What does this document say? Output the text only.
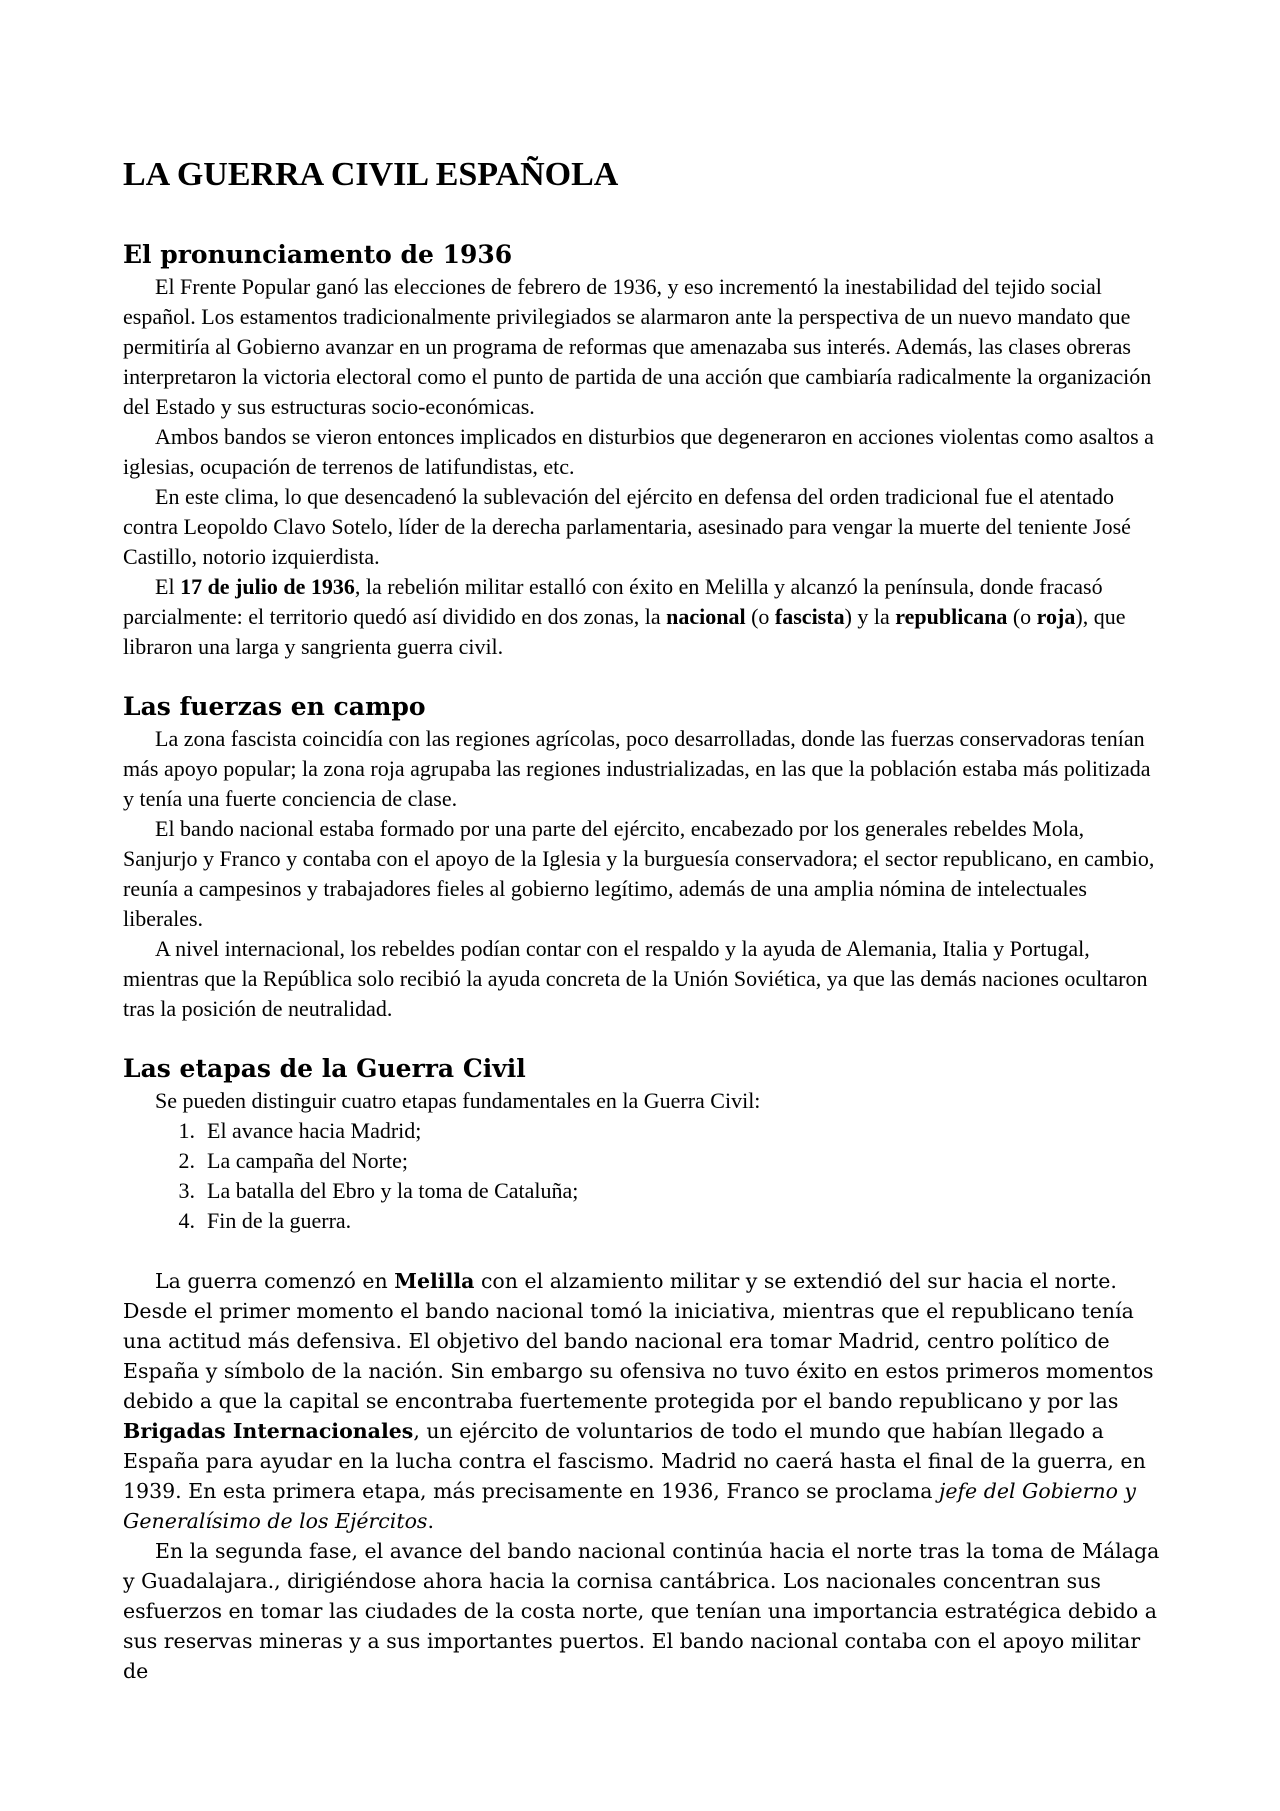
LA GUERRA CIVIL ESPAÑOLA
El pronunciamento de 1936

El Frente Popular ganó las elecciones de febrero de 1936, y eso incrementó la inestabilidad del tejido social español. Los estamentos tradicionalmente privilegiados se alarmaron ante la perspectiva de un nuevo mandato que permitiría al Gobierno avanzar en un programa de reformas que amenazaba sus interés. Además, las clases obreras interpretaron la victoria electoral como el punto de partida de una acción que cambiaría radicalmente la organización del Estado y sus estructuras socio-económicas.

Ambos bandos se vieron entonces implicados en disturbios que degeneraron en acciones violentas como asaltos a iglesias, ocupación de terrenos de latifundistas, etc.

En este clima, lo que desencadenó la sublevación del ejército en defensa del orden tradicional fue el atentado contra Leopoldo Clavo Sotelo, líder de la derecha parlamentaria, asesinado para vengar la muerte del teniente José Castillo, notorio izquierdista.

El 17 de julio de 1936, la rebelión militar estalló con éxito en Melilla y alcanzó la península, donde fracasó parcialmente: el territorio quedó así dividido en dos zonas, la nacional (o fascista) y la republicana (o roja), que libraron una larga y sangrienta guerra civil.

Las fuerzas en campo

La zona fascista coincidía con las regiones agrícolas, poco desarrolladas, donde las fuerzas conservadoras tenían más apoyo popular; la zona roja agrupaba las regiones industrializadas, en las que la población estaba más politizada y tenía una fuerte conciencia de clase.

El bando nacional estaba formado por una parte del ejército, encabezado por los generales rebeldes Mola, Sanjurjo y Franco y contaba con el apoyo de la Iglesia y la burguesía conservadora; el sector republicano, en cambio, reunía a campesinos y trabajadores fieles al gobierno legítimo, además de una amplia nómina de intelectuales liberales.

A nivel internacional, los rebeldes podían contar con el respaldo y la ayuda de Alemania, Italia y Portugal, mientras que la República solo recibió la ayuda concreta de la Unión Soviética, ya que las demás naciones ocultaron tras la posición de neutralidad.

Las etapas de la Guerra Civil

Se pueden distinguir cuatro etapas fundamentales en la Guerra Civil:

1. El avance hacia Madrid;
2. La campaña del Norte;
3. La batalla del Ebro y la toma de Cataluña;
4. Fin de la guerra.

La guerra comenzó en Melilla con el alzamiento militar y se extendió del sur hacia el norte. Desde el primer momento el bando nacional tomó la iniciativa, mientras que el republicano tenía una actitud más defensiva. El objetivo del bando nacional era tomar Madrid, centro político de España y símbolo de la nación. Sin embargo su ofensiva no tuvo éxito en estos primeros momentos debido a que la capital se encontraba fuertemente protegida por el bando republicano y por las Brigadas Internacionales, un ejército de voluntarios de todo el mundo que habían llegado a España para ayudar en la lucha contra el fascismo. Madrid no caerá hasta el final de la guerra, en 1939. En esta primera etapa, más precisamente en 1936, Franco se proclama jefe del Gobierno y Generalísimo de los Ejércitos.

En la segunda fase, el avance del bando nacional continúa hacia el norte tras la toma de Málaga y Guadalajara., dirigiéndose ahora hacia la cornisa cantábrica. Los nacionales concentran sus esfuerzos en tomar las ciudades de la costa norte, que tenían una importancia estratégica debido a sus reservas mineras y a sus importantes puertos. El bando nacional contaba con el apoyo militar de
